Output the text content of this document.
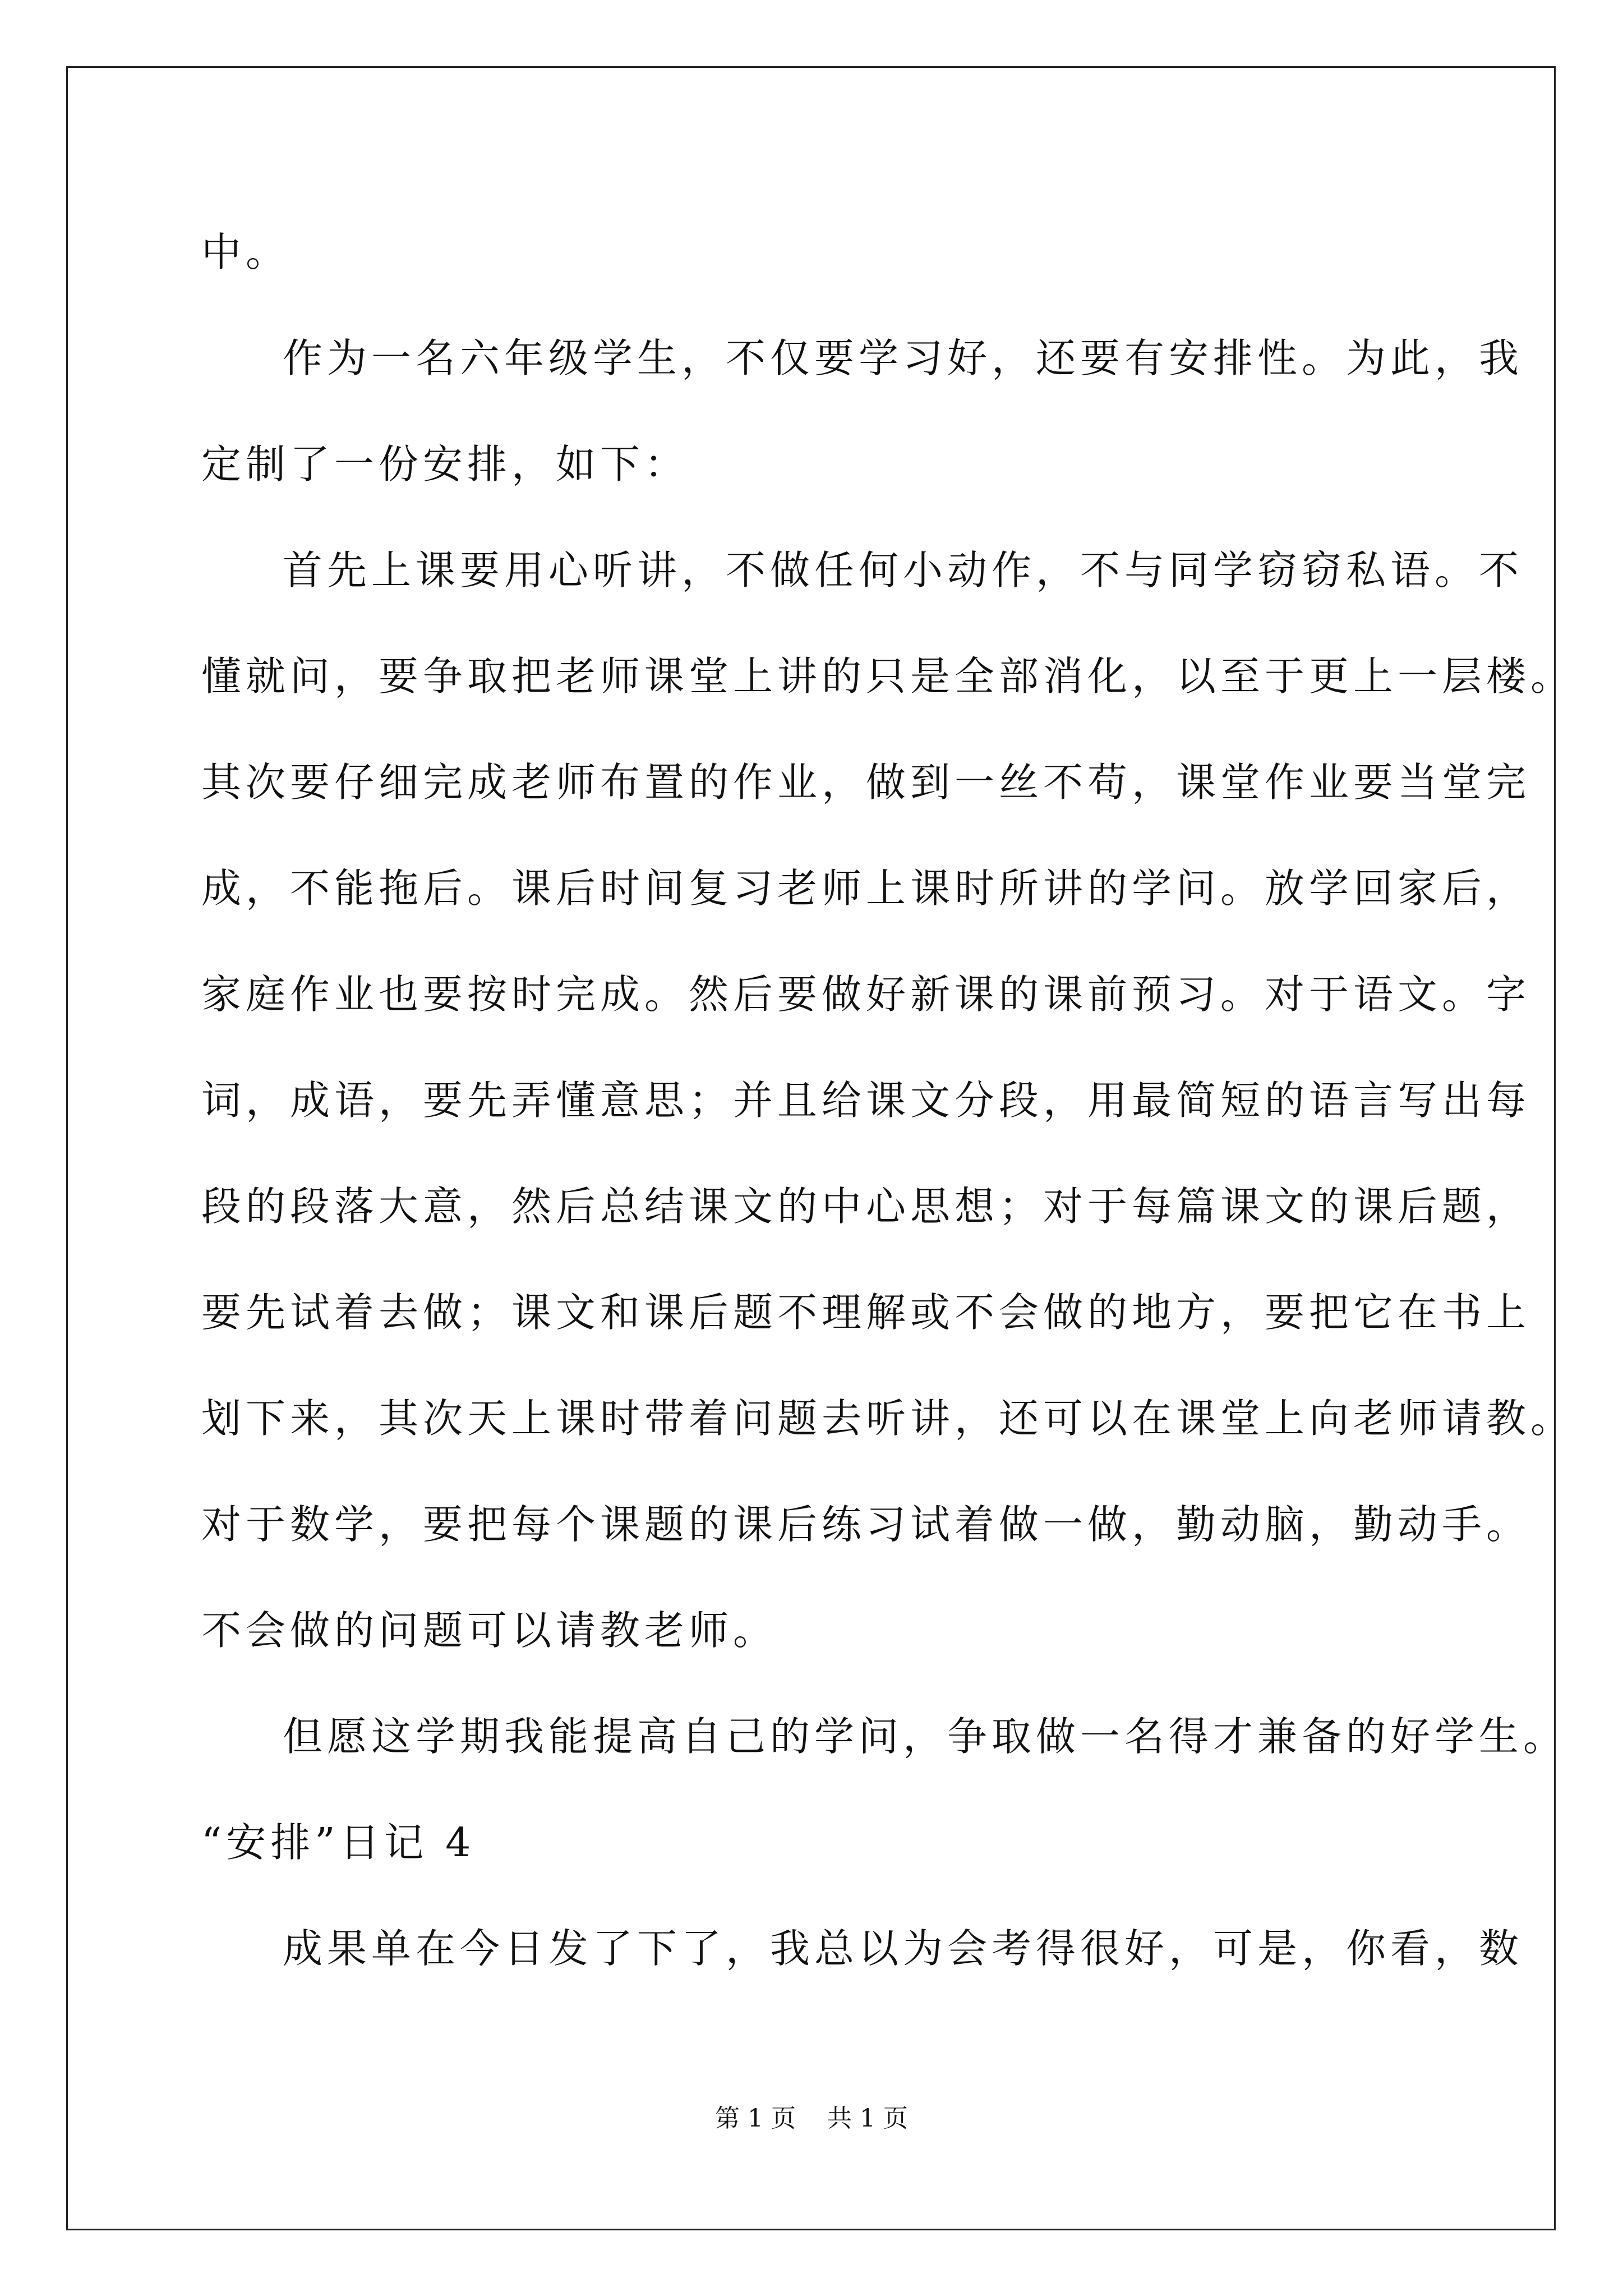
中。
作为一名六年级学生，不仅要学习好，还要有安排性。为此，我
定制了一份安排，如下：
首先上课要用心听讲，不做任何小动作，不与同学窃窃私语。不
懂就问，要争取把老师课堂上讲的只是全部消化，以至于更上一层楼。
其次要仔细完成老师布置的作业，做到一丝不苟，课堂作业要当堂完
成，不能拖后。课后时间复习老师上课时所讲的学问。放学回家后，
家庭作业也要按时完成。然后要做好新课的课前预习。对于语文。字
词，成语，要先弄懂意思；并且给课文分段，用最简短的语言写出每
段的段落大意，然后总结课文的中心思想；对于每篇课文的课后题，
要先试着去做；课文和课后题不理解或不会做的地方，要把它在书上
划下来，其次天上课时带着问题去听讲，还可以在课堂上向老师请教。
对于数学，要把每个课题的课后练习试着做一做，勤动脑，勤动手。
不会做的问题可以请教老师。
但愿这学期我能提高自己的学问，争取做一名得才兼备的好学生。
“安排”日记 4
成果单在今日发了下了，我总以为会考得很好，可是，你看，数
第 1 页    共 1 页
